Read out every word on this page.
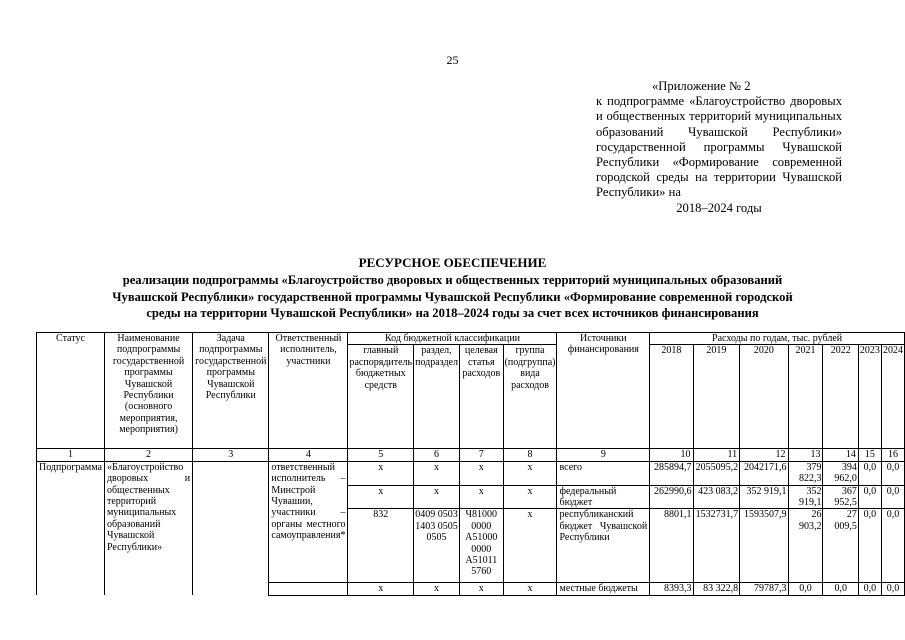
25
«Приложение № 2
к подпрограмме «Благоустройство дворовых и общественных территорий муниципальных образований Чувашской Республики» государственной программы Чувашской Республики «Формирование современной городской среды на территории Чувашской Республики» на
2018–2024 годы
РЕСУРСНОЕ ОБЕСПЕЧЕНИЕ
реализации подпрограммы «Благоустройство дворовых и общественных территорий муниципальных образований
Чувашской Республики» государственной программы Чувашской Республики «Формирование современной городской
среды на территории Чувашской Республики» на 2018–2024 годы за счет всех источников финансирования
Статус	Наименование подпрограммы государственной программы Чувашской Республики (основного мероприятия, мероприятия)	Задача подпрограммы государственной программы Чувашской Республики	Ответственный исполнитель, участники	Код бюджетной классификации				Источники финансирования	Расходы по годам, тыс. рублей						
				главный распорядитель бюджетных средств	раздел, подраздел	целевая статья расходов	группа (подгруппа) вида расходов		2018	2019	2020	2021	2022	2023	2024
1	2	3	4	5	6	7	8	9	10	11	12	13	14	15	16
Подпрограмма	«Благоустройство дворовых и общественных территорий муниципальных образований Чувашской Республики»		ответственный исполнитель – Минстрой Чувашии, участники – органы местного самоуправления*	x	x	x	x	всего	285894,7	2055095,2	2042171,6	379 822,3	394 962,0	0,0	0,0
				x	x	x	x	федеральный бюджет	262990,6	423 083,2	352 919,1	352 919,1	367 952,5	0,0	0,0
				832	0409 0503 1403 0505 0505	Ч81000 0000 А51000 0000 А51011 5760	x	республиканский бюджет Чувашской Республики	8801,1	1532731,7	1593507,9	26 903,2	27 009,5	0,0	0,0
				x	x	x	x	местные бюджеты	8393,3	83 322,8	79787,3	0,0	0,0	0,0	0,0
